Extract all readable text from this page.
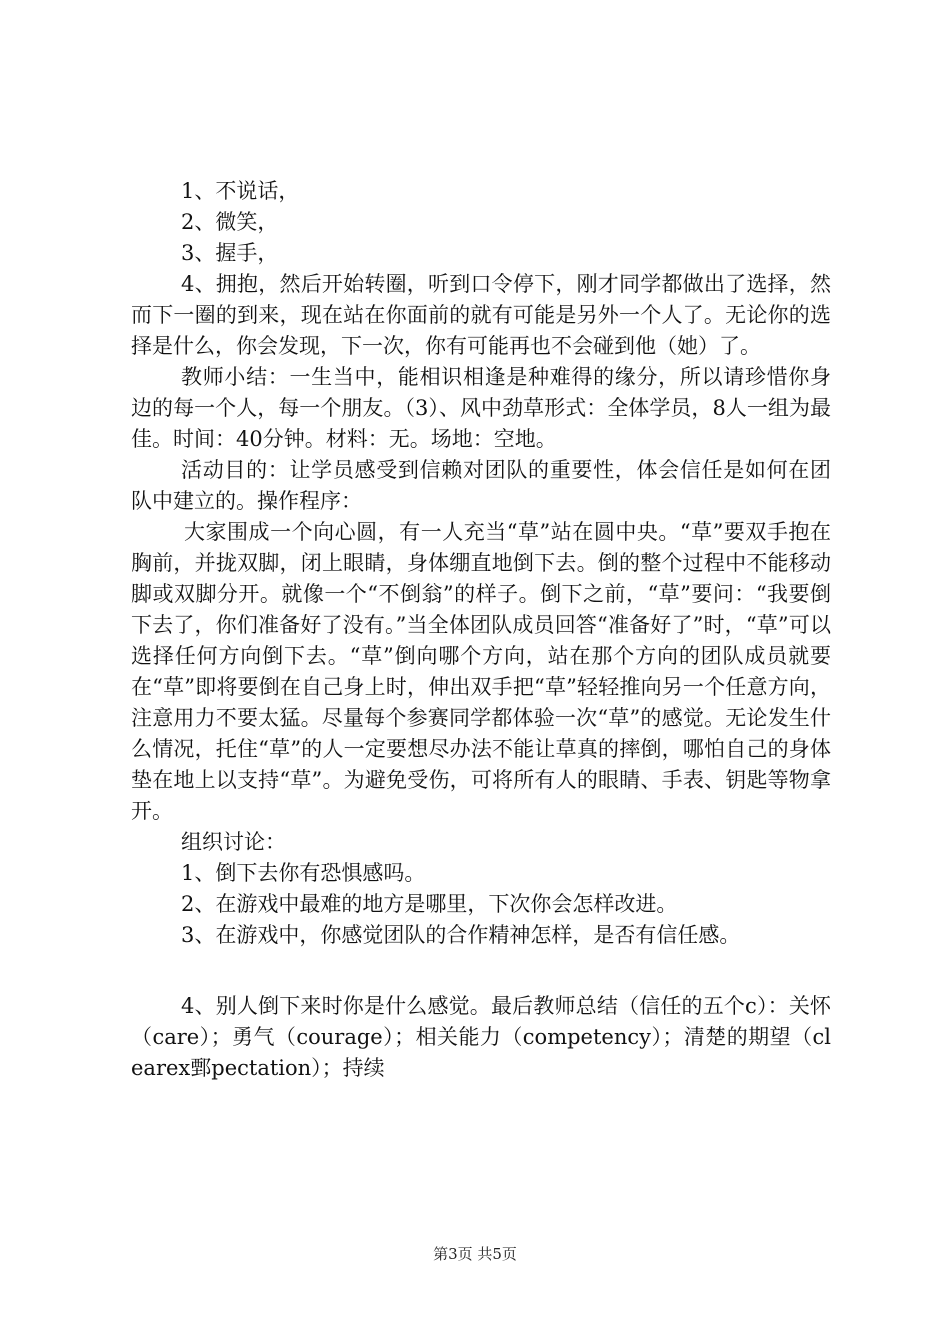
1、不说话，

2、微笑，

3、握手，

4、拥抱，然后开始转圈，听到口令停下，刚才同学都做出了选择，然而下一圈的到来，现在站在你面前的就有可能是另外一个人了。无论你的选择是什么，你会发现，下一次，你有可能再也不会碰到他（她）了。

教师小结：一生当中，能相识相逢是种难得的缘分，所以请珍惜你身边的每一个人，每一个朋友。（3）、风中劲草形式：全体学员，8人一组为最佳。时间：40分钟。材料：无。场地：空地。

活动目的：让学员感受到信赖对团队的重要性，体会信任是如何在团队中建立的。操作程序：

大家围成一个向心圆，有一人充当“草”站在圆中央。“草”要双手抱在胸前，并拢双脚，闭上眼睛，身体绷直地倒下去。倒的整个过程中不能移动脚或双脚分开。就像一个“不倒翁”的样子。倒下之前，“草”要问：“我要倒下去了，你们准备好了没有。”当全体团队成员回答“准备好了”时，“草”可以选择任何方向倒下去。“草”倒向哪个方向，站在那个方向的团队成员就要在“草”即将要倒在自己身上时，伸出双手把“草”轻轻推向另一个任意方向，注意用力不要太猛。尽量每个参赛同学都体验一次“草”的感觉。无论发生什么情况，托住“草”的人一定要想尽办法不能让草真的摔倒，哪怕自己的身体垫在地上以支持“草”。为避免受伤，可将所有人的眼睛、手表、钥匙等物拿开。

组织讨论：

1、倒下去你有恐惧感吗。

2、在游戏中最难的地方是哪里，下次你会怎样改进。

3、在游戏中，你感觉团队的合作精神怎样，是否有信任感。

4、别人倒下来时你是什么感觉。最后教师总结（信任的五个c）：关怀（care）；勇气（courage）；相关能力（competency）；清楚的期望（clearex鄄pectation）；持续

第3页 共5页
